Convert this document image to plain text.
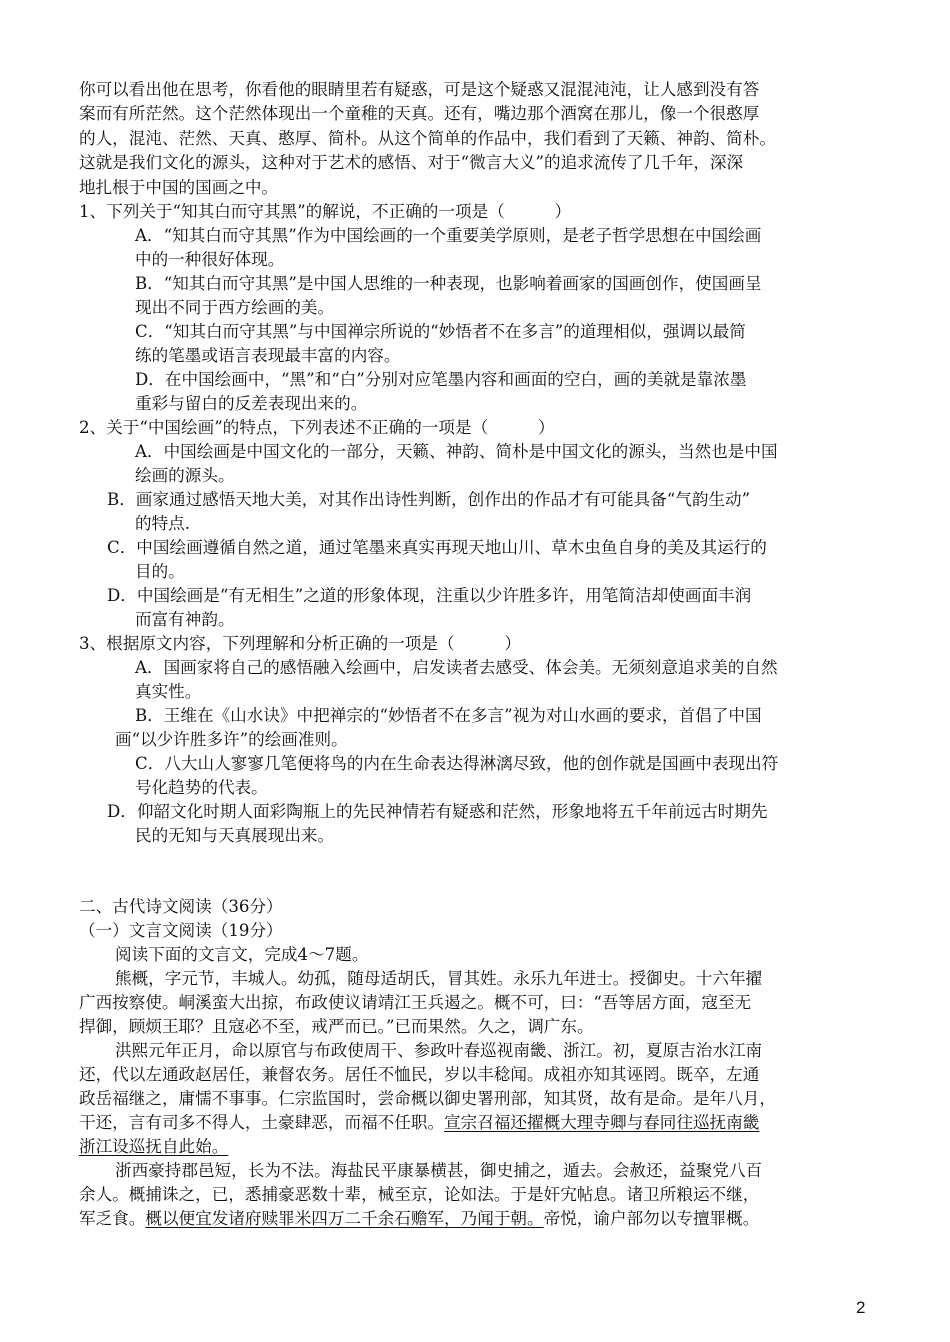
你可以看出他在思考，你看他的眼睛里若有疑惑，可是这个疑惑又混混沌沌，让人感到没有答
案而有所茫然。这个茫然体现出一个童稚的天真。还有，嘴边那个酒窝在那儿，像一个很憨厚
的人，混沌、茫然、天真、憨厚、简朴。从这个简单的作品中，我们看到了天籁、神韵、简朴。
这就是我们文化的源头，这种对于艺术的感悟、对于“微言大义”的追求流传了几千年，深深
地扎根于中国的国画之中。
1、下列关于“知其白而守其黑”的解说，不正确的一项是（　　　）
A．“知其白而守其黑”作为中国绘画的一个重要美学原则，是老子哲学思想在中国绘画
中的一种很好体现。
B．“知其白而守其黑”是中国人思维的一种表现，也影响着画家的国画创作，使国画呈
现出不同于西方绘画的美。
C．“知其白而守其黑”与中国禅宗所说的“妙悟者不在多言”的道理相似，强调以最简
练的笔墨或语言表现最丰富的内容。
D．在中国绘画中，“黑”和“白”分别对应笔墨内容和画面的空白，画的美就是靠浓墨
重彩与留白的反差表现出来的。
2、关于“中国绘画”的特点，下列表述不正确的一项是（　　　）
A．中国绘画是中国文化的一部分，天籁、神韵、简朴是中国文化的源头，当然也是中国
绘画的源头。
B．画家通过感悟天地大美，对其作出诗性判断，创作出的作品才有可能具备“气韵生动”
的特点.
C．中国绘画遵循自然之道，通过笔墨来真实再现天地山川、草木虫鱼自身的美及其运行的
目的。
D．中国绘画是“有无相生”之道的形象体现，注重以少许胜多许，用笔简洁却使画面丰润
而富有神韵。
3、根据原文内容，下列理解和分析正确的一项是（　　　）
A．国画家将自己的感悟融入绘画中，启发读者去感受、体会美。无须刻意追求美的自然
真实性。
B．王维在《山水诀》中把禅宗的“妙悟者不在多言”视为对山水画的要求，首倡了中国
画“以少许胜多许”的绘画准则。
C．八大山人寥寥几笔便将鸟的内在生命表达得淋漓尽致，他的创作就是国画中表现出符
号化趋势的代表。
D．仰韶文化时期人面彩陶瓶上的先民神情若有疑惑和茫然，形象地将五千年前远古时期先
民的无知与天真展现出来。
二、古代诗文阅读（36分）
（一）文言文阅读（19分）
阅读下面的文言文，完成4～7题。
熊概，字元节，丰城人。幼孤，随母适胡氏，冒其姓。永乐九年进士。授御史。十六年擢
广西按察使。峒溪蛮大出掠，布政使议请靖江王兵遏之。概不可，曰：“吾等居方面，寇至无
捍御，顾烦王耶？且寇必不至，戒严而已。”已而果然。久之，调广东。
洪熙元年正月，命以原官与布政使周干、参政叶春巡视南畿、浙江。初，夏原吉治水江南
还，代以左通政赵居任，兼督农务。居任不恤民，岁以丰稔闻。成祖亦知其诬罔。既卒，左通
政岳福继之，庸懦不事事。仁宗监国时，尝命概以御史署刑部，知其贤，故有是命。是年八月，
干还，言有司多不得人，土豪肆恶，而福不任职。宣宗召福还擢概大理寺卿与春同往巡抚南畿
浙江设巡抚自此始。
浙西豪持郡邑短，长为不法。海盐民平康暴横甚，御史捕之，遁去。会赦还，益聚党八百
余人。概捕诛之，已，悉捕豪恶数十辈，械至京，论如法。于是奸宄帖息。诸卫所粮运不继，
军乏食。概以便宜发诸府赎罪米四万二千余石赡军，乃闻于朝。帝悦，谕户部勿以专擅罪概。
2
